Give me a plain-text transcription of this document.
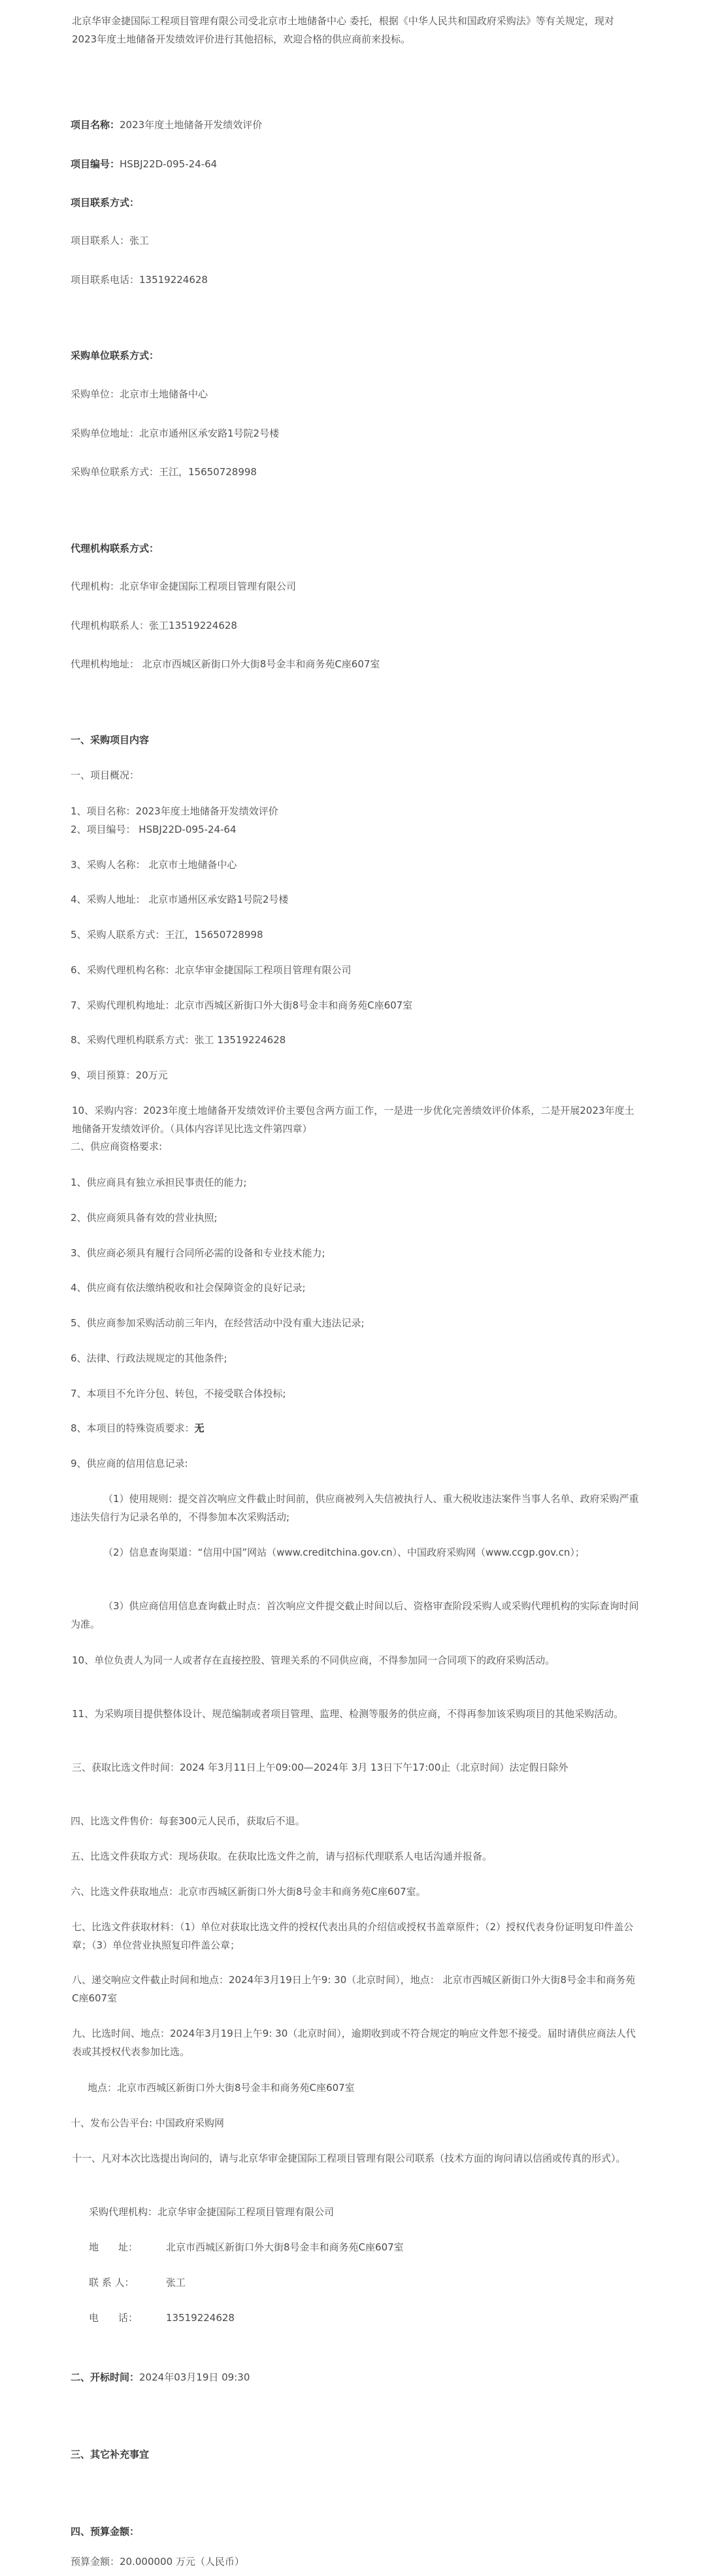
北京华审金捷国际工程项目管理有限公司受北京市土地储备中心 委托，根据《中华人民共和国政府采购法》等有关规定，现对2023年度土地储备开发绩效评价进行其他招标，欢迎合格的供应商前来投标。

项目名称：2023年度土地储备开发绩效评价

项目编号：HSBJ22D-095-24-64

项目联系方式：

项目联系人：张工

项目联系电话：13519224628

采购单位联系方式：

采购单位：北京市土地储备中心

采购单位地址：北京市通州区承安路1号院2号楼

采购单位联系方式：王江，15650728998

代理机构联系方式：

代理机构：北京华审金捷国际工程项目管理有限公司

代理机构联系人：张工13519224628

代理机构地址： 北京市西城区新街口外大街8号金丰和商务苑C座607室

一、采购项目内容

一、项目概况：

1、项目名称：2023年度土地储备开发绩效评价

2、项目编号： HSBJ22D-095-24-64

3、采购人名称： 北京市土地储备中心

4、采购人地址： 北京市通州区承安路1号院2号楼

5、采购人联系方式：王江，15650728998

6、采购代理机构名称：北京华审金捷国际工程项目管理有限公司

7、采购代理机构地址：北京市西城区新街口外大街8号金丰和商务苑C座607室

8、采购代理机构联系方式：张工 13519224628

9、项目预算：20万元

10、采购内容：2023年度土地储备开发绩效评价主要包含两方面工作，一是进一步优化完善绩效评价体系，二是开展2023年度土地储备开发绩效评价。（具体内容详见比选文件第四章）

二、供应商资格要求:

1、供应商具有独立承担民事责任的能力;

2、供应商须具备有效的营业执照;

3、供应商必须具有履行合同所必需的设备和专业技术能力;

4、供应商有依法缴纳税收和社会保障资金的良好记录;

5、供应商参加采购活动前三年内，在经营活动中没有重大违法记录;

6、法律、行政法规规定的其他条件;

7、本项目不允许分包、转包，不接受联合体投标;

8、本项目的特殊资质要求：无

9、供应商的信用信息记录:

（1）使用规则：提交首次响应文件截止时间前，供应商被列入失信被执行人、重大税收违法案件当事人名单、政府采购严重违法失信行为记录名单的，不得参加本次采购活动;

（2）信息查询渠道：“信用中国”网站（www.creditchina.gov.cn）、中国政府采购网（www.ccgp.gov.cn）；

（3）供应商信用信息查询截止时点：首次响应文件提交截止时间以后、资格审查阶段采购人或采购代理机构的实际查询时间为准。

10、单位负责人为同一人或者存在直接控股、管理关系的不同供应商，不得参加同一合同项下的政府采购活动。

11、为采购项目提供整体设计、规范编制或者项目管理、监理、检测等服务的供应商，不得再参加该采购项目的其他采购活动。

三、获取比选文件时间：2024 年3月11日上午09:00—2024年 3月 13日下午17:00止（北京时间）法定假日除外

四、比选文件售价：每套300元人民币，获取后不退。

五、比选文件获取方式：现场获取。在获取比选文件之前，请与招标代理联系人电话沟通并报备。

六、比选文件获取地点：北京市西城区新街口外大街8号金丰和商务苑C座607室。

七、比选文件获取材料：（1）单位对获取比选文件的授权代表出具的介绍信或授权书盖章原件；（2）授权代表身份证明复印件盖公章；（3）单位营业执照复印件盖公章；

八、递交响应文件截止时间和地点：2024年3月19日上午9: 30（北京时间），地点： 北京市西城区新街口外大街8号金丰和商务苑C座607室

九、比选时间、地点：2024年3月19日上午9: 30（北京时间），逾期收到或不符合规定的响应文件恕不接受。届时请供应商法人代表或其授权代表参加比选。

地点：北京市西城区新街口外大街8号金丰和商务苑C座607室

十、发布公告平台: 中国政府采购网

十一、凡对本次比选提出询问的，请与北京华审金捷国际工程项目管理有限公司联系（技术方面的询问请以信函或传真的形式）。

采购代理机构：北京华审金捷国际工程项目管理有限公司

地　　址：	北京市西城区新街口外大街8号金丰和商务苑C座607室
联 系 人：	张工
电　　话：	13519224628

二、开标时间：2024年03月19日 09:30

三、其它补充事宜

四、预算金额：

预算金额：20.000000 万元（人民币）
